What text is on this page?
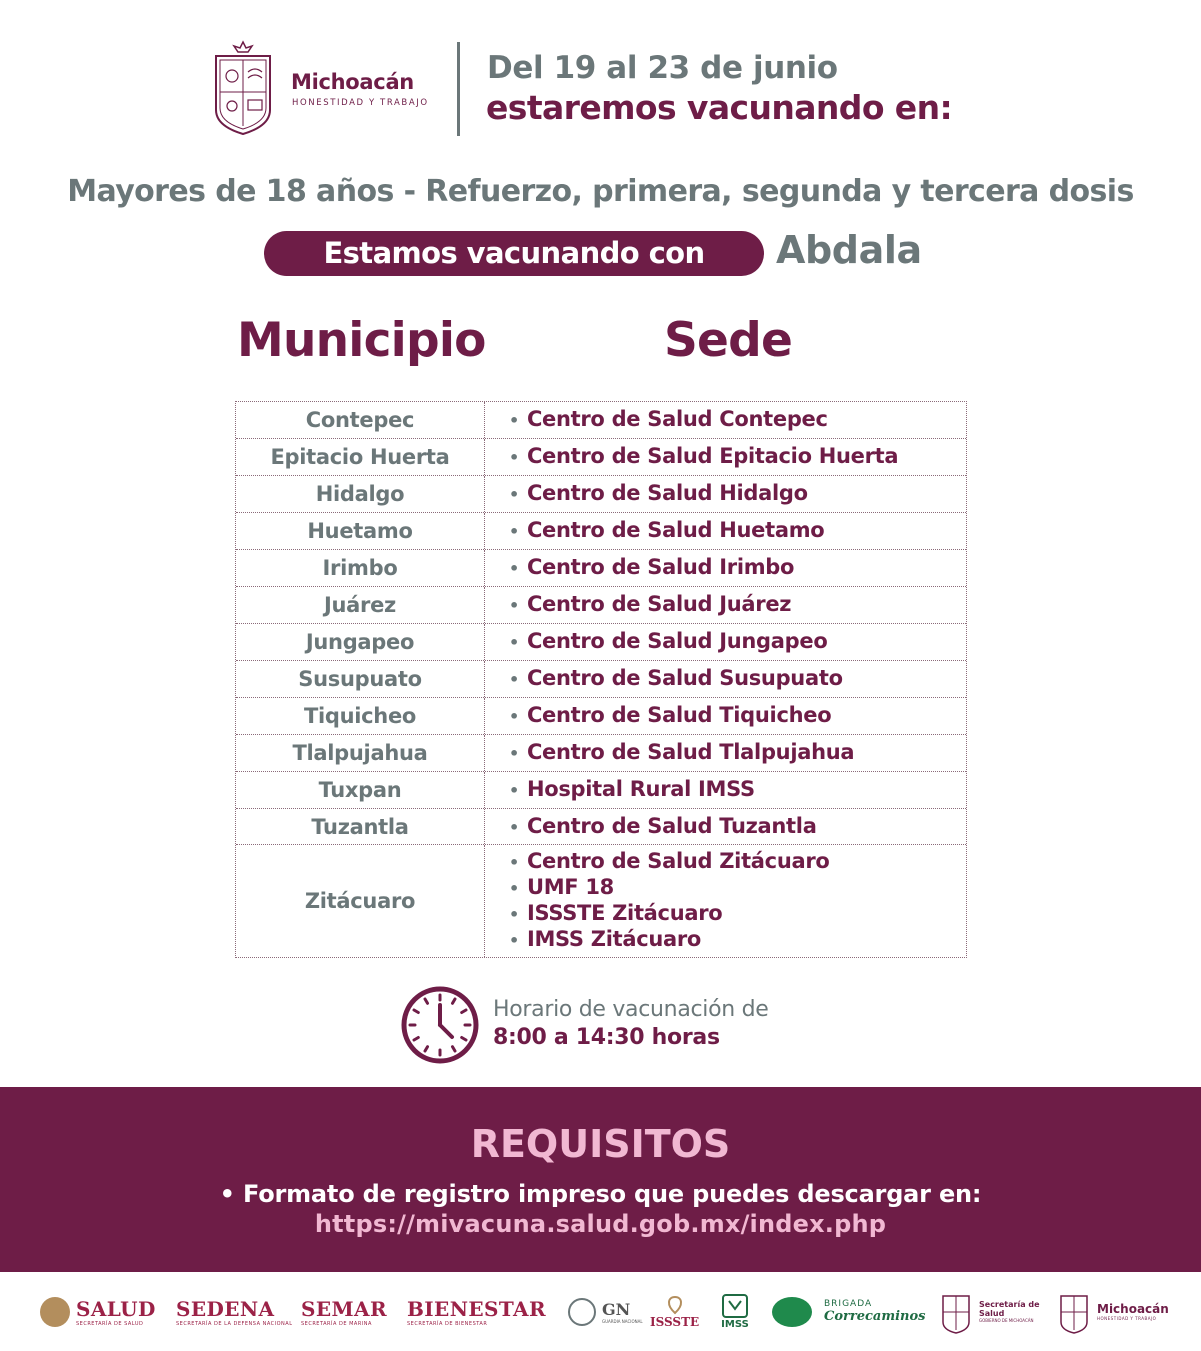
Michoacán
HONESTIDAD Y TRABAJO
Del 19 al 23 de junio
estaremos vacunando en:
Mayores de 18 años - Refuerzo, primera, segunda y tercera dosis
Estamos vacunando con	Abdala
Municipio	Sede
Contepec	• Centro de Salud Contepec
Epitacio Huerta	• Centro de Salud Epitacio Huerta
Hidalgo	• Centro de Salud Hidalgo
Huetamo	• Centro de Salud Huetamo
Irimbo	• Centro de Salud Irimbo
Juárez	• Centro de Salud Juárez
Jungapeo	• Centro de Salud Jungapeo
Susupuato	• Centro de Salud Susupuato
Tiquicheo	• Centro de Salud Tiquicheo
Tlalpujahua	• Centro de Salud Tlalpujahua
Tuxpan	• Hospital Rural IMSS
Tuzantla	• Centro de Salud Tuzantla
Zitácuaro
• Centro de Salud Zitácuaro
• UMF 18
• ISSSTE Zitácuaro
• IMSS Zitácuaro
Horario de vacunación de
8:00 a 14:30 horas
REQUISITOS
• Formato de registro impreso que puedes descargar en:
https://mivacuna.salud.gob.mx/index.php
SALUD
SECRETARÍA DE SALUD
SEDENA
SECRETARÍA DE LA DEFENSA NACIONAL
SEMAR
SECRETARÍA DE MARINA
BIENESTAR
SECRETARÍA DE BIENESTAR
GN
GUARDIA NACIONAL ISSSTE IMSS
BRIGADA
Correcaminos
Secretaría de Salud
GOBIERNO DE MICHOACÁN
Michoacán
HONESTIDAD Y TRABAJO
